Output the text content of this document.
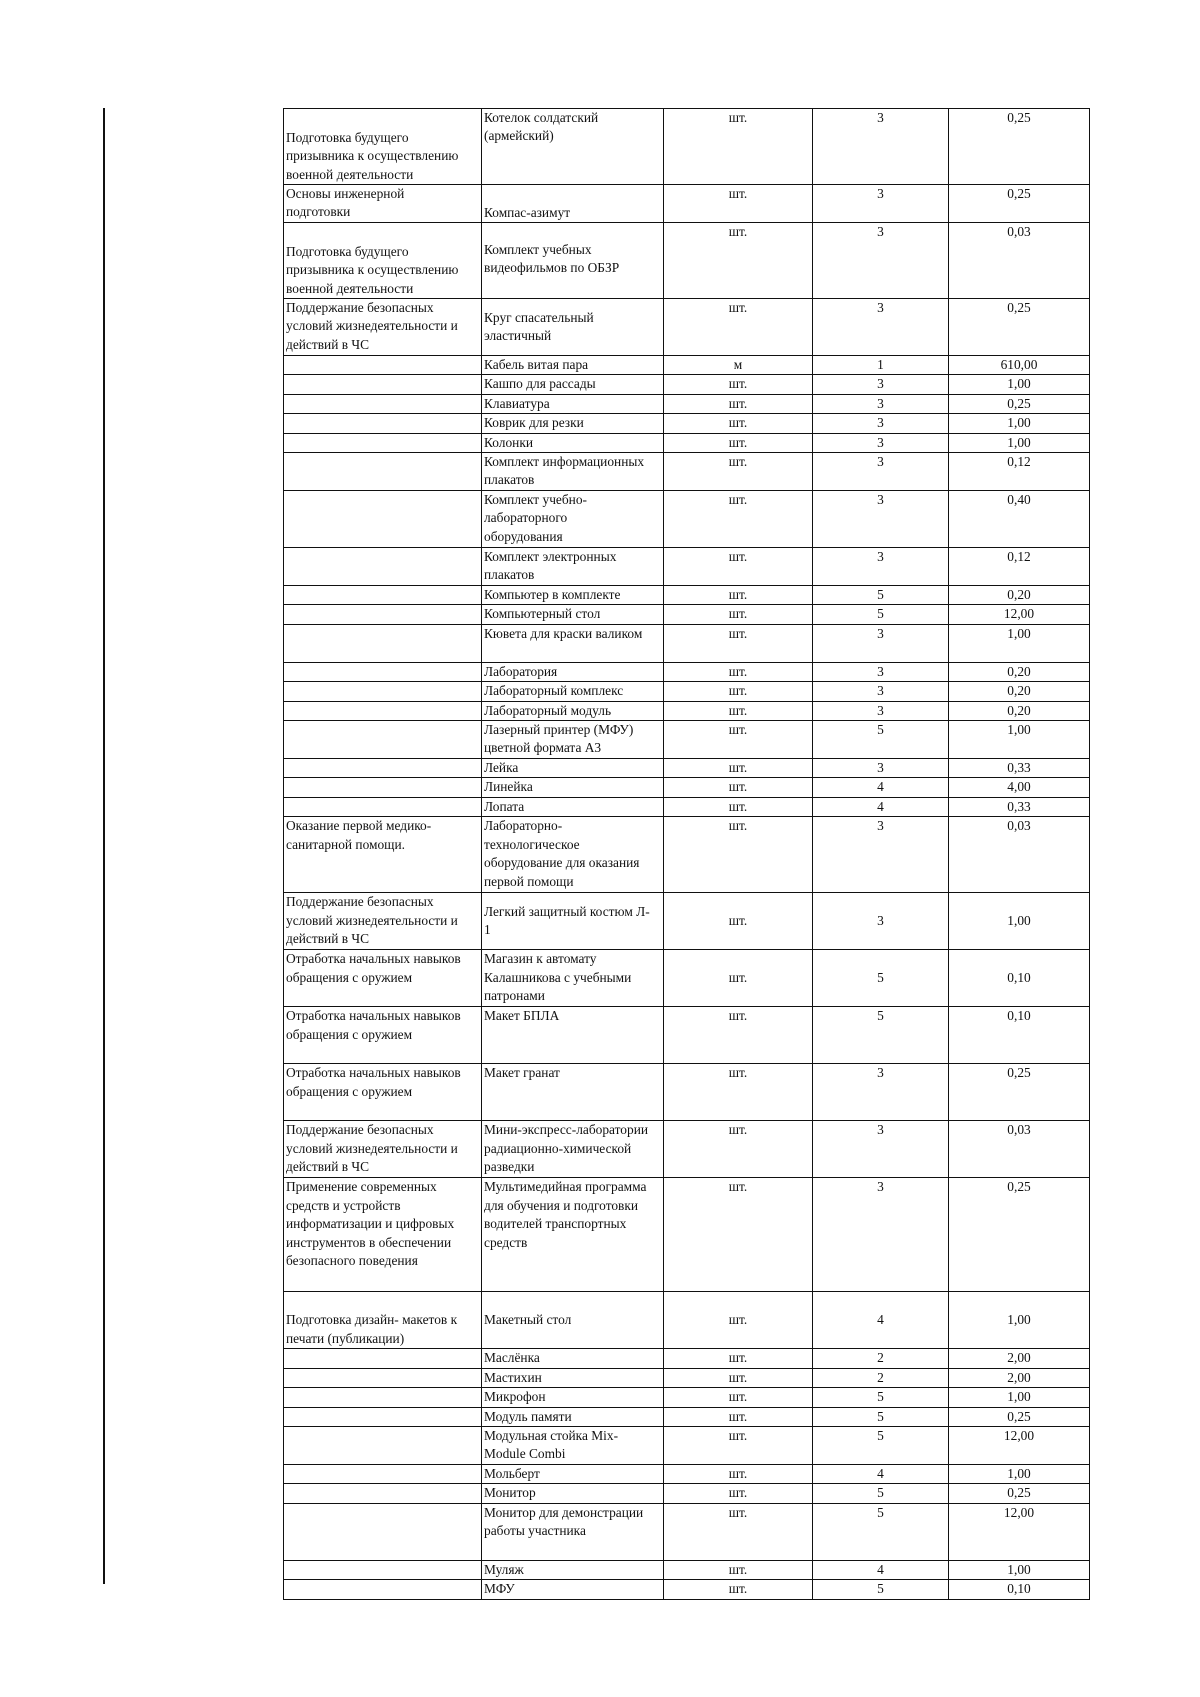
Подготовка будущего
призывника к осуществлению
военной деятельности	Котелок солдатский
(армейский)	шт.	3	0,25

Основы инженерной
подготовки	Компас-азимут	шт.	3	0,25

Подготовка будущего
призывника к осуществлению
военной деятельности	Комплект учебных
видеофильмов по ОБЗР	шт.	3	0,03

Поддержание безопасных
условий жизнедеятельности и
действий в ЧС	Круг спасательный
эластичный	шт.	3	0,25

	Кабель витая пара	м	1	610,00

	Кашпо для рассады	шт.	3	1,00

	Клавиатура	шт.	3	0,25

	Коврик для резки	шт.	3	1,00

	Колонки	шт.	3	1,00

	Комплект информационных
плакатов	шт.	3	0,12

	Комплект учебно-
лабораторного
оборудования	шт.	3	0,40

	Комплект электронных
плакатов	шт.	3	0,12

	Компьютер в комплекте	шт.	5	0,20

	Компьютерный стол	шт.	5	12,00

	Кювета для краски валиком	шт.	3	1,00

	Лаборатория	шт.	3	0,20

	Лабораторный комплекс	шт.	3	0,20

	Лабораторный модуль	шт.	3	0,20

	Лазерный принтер (МФУ)
цветной формата А3	шт.	5	1,00

	Лейка	шт.	3	0,33

	Линейка	шт.	4	4,00

	Лопата	шт.	4	0,33

Оказание первой медико-
санитарной помощи.	Лабораторно-
технологическое
оборудование для оказания
первой помощи	шт.	3	0,03

Поддержание безопасных
условий жизнедеятельности и
действий в ЧС	Легкий защитный костюм Л-
1	шт.	3	1,00

Отработка начальных навыков
обращения с оружием	Магазин к автомату
Калашникова с учебными
патронами	шт.	5	0,10

Отработка начальных навыков
обращения с оружием	Макет БПЛА	шт.	5	0,10

Отработка начальных навыков
обращения с оружием	Макет гранат	шт.	3	0,25

Поддержание безопасных
условий жизнедеятельности и
действий в ЧС	Мини-экспресс-лаборатории
радиационно-химической
разведки	шт.	3	0,03

Применение современных
средств и устройств
информатизации и цифровых
инструментов в обеспечении
безопасного поведения	Мультимедийная программа
для обучения и подготовки
водителей транспортных
средств	шт.	3	0,25

Подготовка дизайн- макетов к
печати (публикации)	Макетный стол	шт.	4	1,00

	Маслёнка	шт.	2	2,00

	Мастихин	шт.	2	2,00

	Микрофон	шт.	5	1,00

	Модуль памяти	шт.	5	0,25

	Модульная стойка Mix-
Module Combi	шт.	5	12,00

	Мольберт	шт.	4	1,00

	Монитор	шт.	5	0,25

	Монитор для демонстрации
работы участника	шт.	5	12,00

	Муляж	шт.	4	1,00

	МФУ	шт.	5	0,10
